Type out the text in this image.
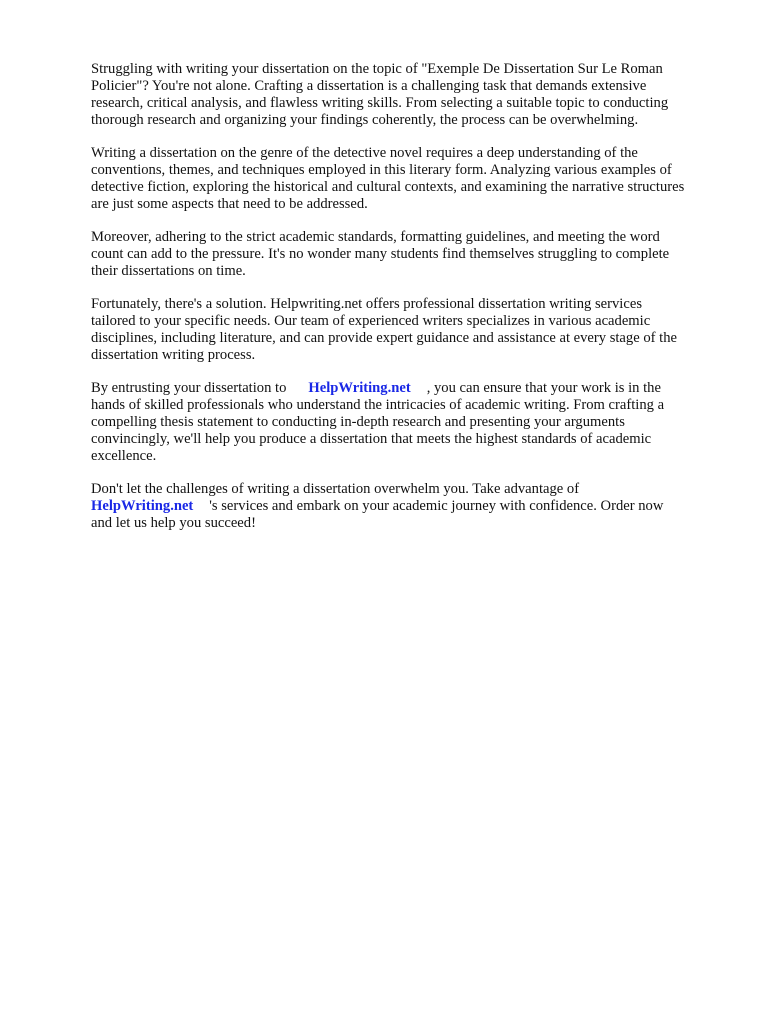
Struggling with writing your dissertation on the topic of "Exemple De Dissertation Sur Le Roman
Policier"? You're not alone. Crafting a dissertation is a challenging task that demands extensive
research, critical analysis, and flawless writing skills. From selecting a suitable topic to conducting
thorough research and organizing your findings coherently, the process can be overwhelming.

Writing a dissertation on the genre of the detective novel requires a deep understanding of the
conventions, themes, and techniques employed in this literary form. Analyzing various examples of
detective fiction, exploring the historical and cultural contexts, and examining the narrative structures
are just some aspects that need to be addressed.

Moreover, adhering to the strict academic standards, formatting guidelines, and meeting the word
count can add to the pressure. It's no wonder many students find themselves struggling to complete
their dissertations on time.

Fortunately, there's a solution. Helpwriting.net offers professional dissertation writing services
tailored to your specific needs. Our team of experienced writers specializes in various academic
disciplines, including literature, and can provide expert guidance and assistance at every stage of the
dissertation writing process.

By entrusting your dissertation to HelpWriting.net , you can ensure that your work is in the
hands of skilled professionals who understand the intricacies of academic writing. From crafting a
compelling thesis statement to conducting in-depth research and presenting your arguments
convincingly, we'll help you produce a dissertation that meets the highest standards of academic
excellence.

Don't let the challenges of writing a dissertation overwhelm you. Take advantage of
HelpWriting.net 's services and embark on your academic journey with confidence. Order now
and let us help you succeed!
